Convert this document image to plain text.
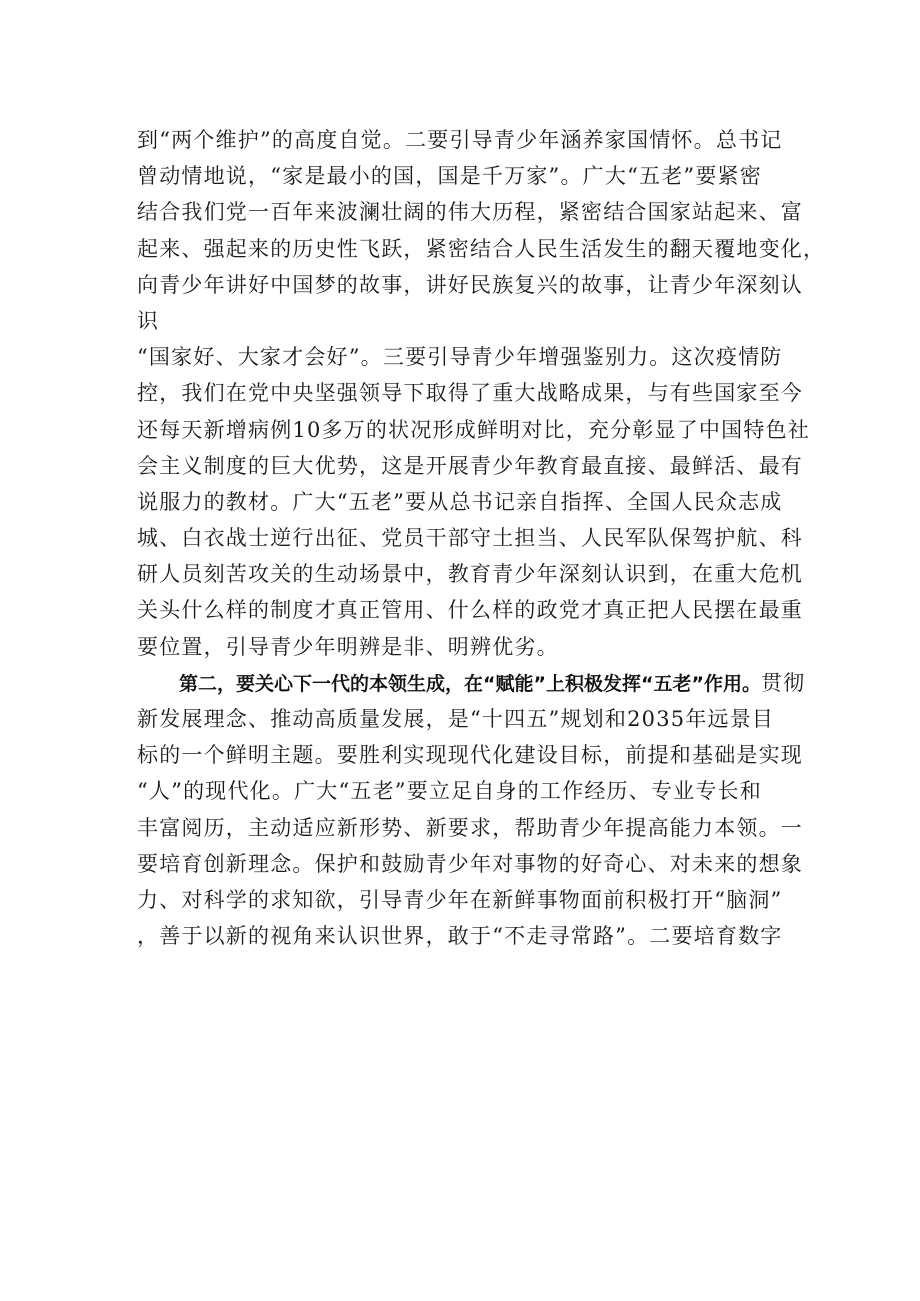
到“两个维护”的高度自觉。二要引导青少年涵养家国情怀。总书记
曾动情地说，“家是最小的国，国是千万家”。广大“五老”要紧密
结合我们党一百年来波澜壮阔的伟大历程，紧密结合国家站起来、富
起来、强起来的历史性飞跃，紧密结合人民生活发生的翻天覆地变化，
向青少年讲好中国梦的故事，讲好民族复兴的故事，让青少年深刻认
识
“国家好、大家才会好”。三要引导青少年增强鉴别力。这次疫情防
控，我们在党中央坚强领导下取得了重大战略成果，与有些国家至今
还每天新增病例10多万的状况形成鲜明对比，充分彰显了中国特色社
会主义制度的巨大优势，这是开展青少年教育最直接、最鲜活、最有
说服力的教材。广大“五老”要从总书记亲自指挥、全国人民众志成
城、白衣战士逆行出征、党员干部守土担当、人民军队保驾护航、科
研人员刻苦攻关的生动场景中，教育青少年深刻认识到，在重大危机
关头什么样的制度才真正管用、什么样的政党才真正把人民摆在最重
要位置，引导青少年明辨是非、明辨优劣。
第二，要关心下一代的本领生成，在“赋能”上积极发挥“五老”作用。贯彻
新发展理念、推动高质量发展，是“十四五”规划和2035年远景目
标的一个鲜明主题。要胜利实现现代化建设目标，前提和基础是实现
“人”的现代化。广大“五老”要立足自身的工作经历、专业专长和
丰富阅历，主动适应新形势、新要求，帮助青少年提高能力本领。一
要培育创新理念。保护和鼓励青少年对事物的好奇心、对未来的想象
力、对科学的求知欲，引导青少年在新鲜事物面前积极打开“脑洞”
，善于以新的视角来认识世界，敢于“不走寻常路”。二要培育数字
